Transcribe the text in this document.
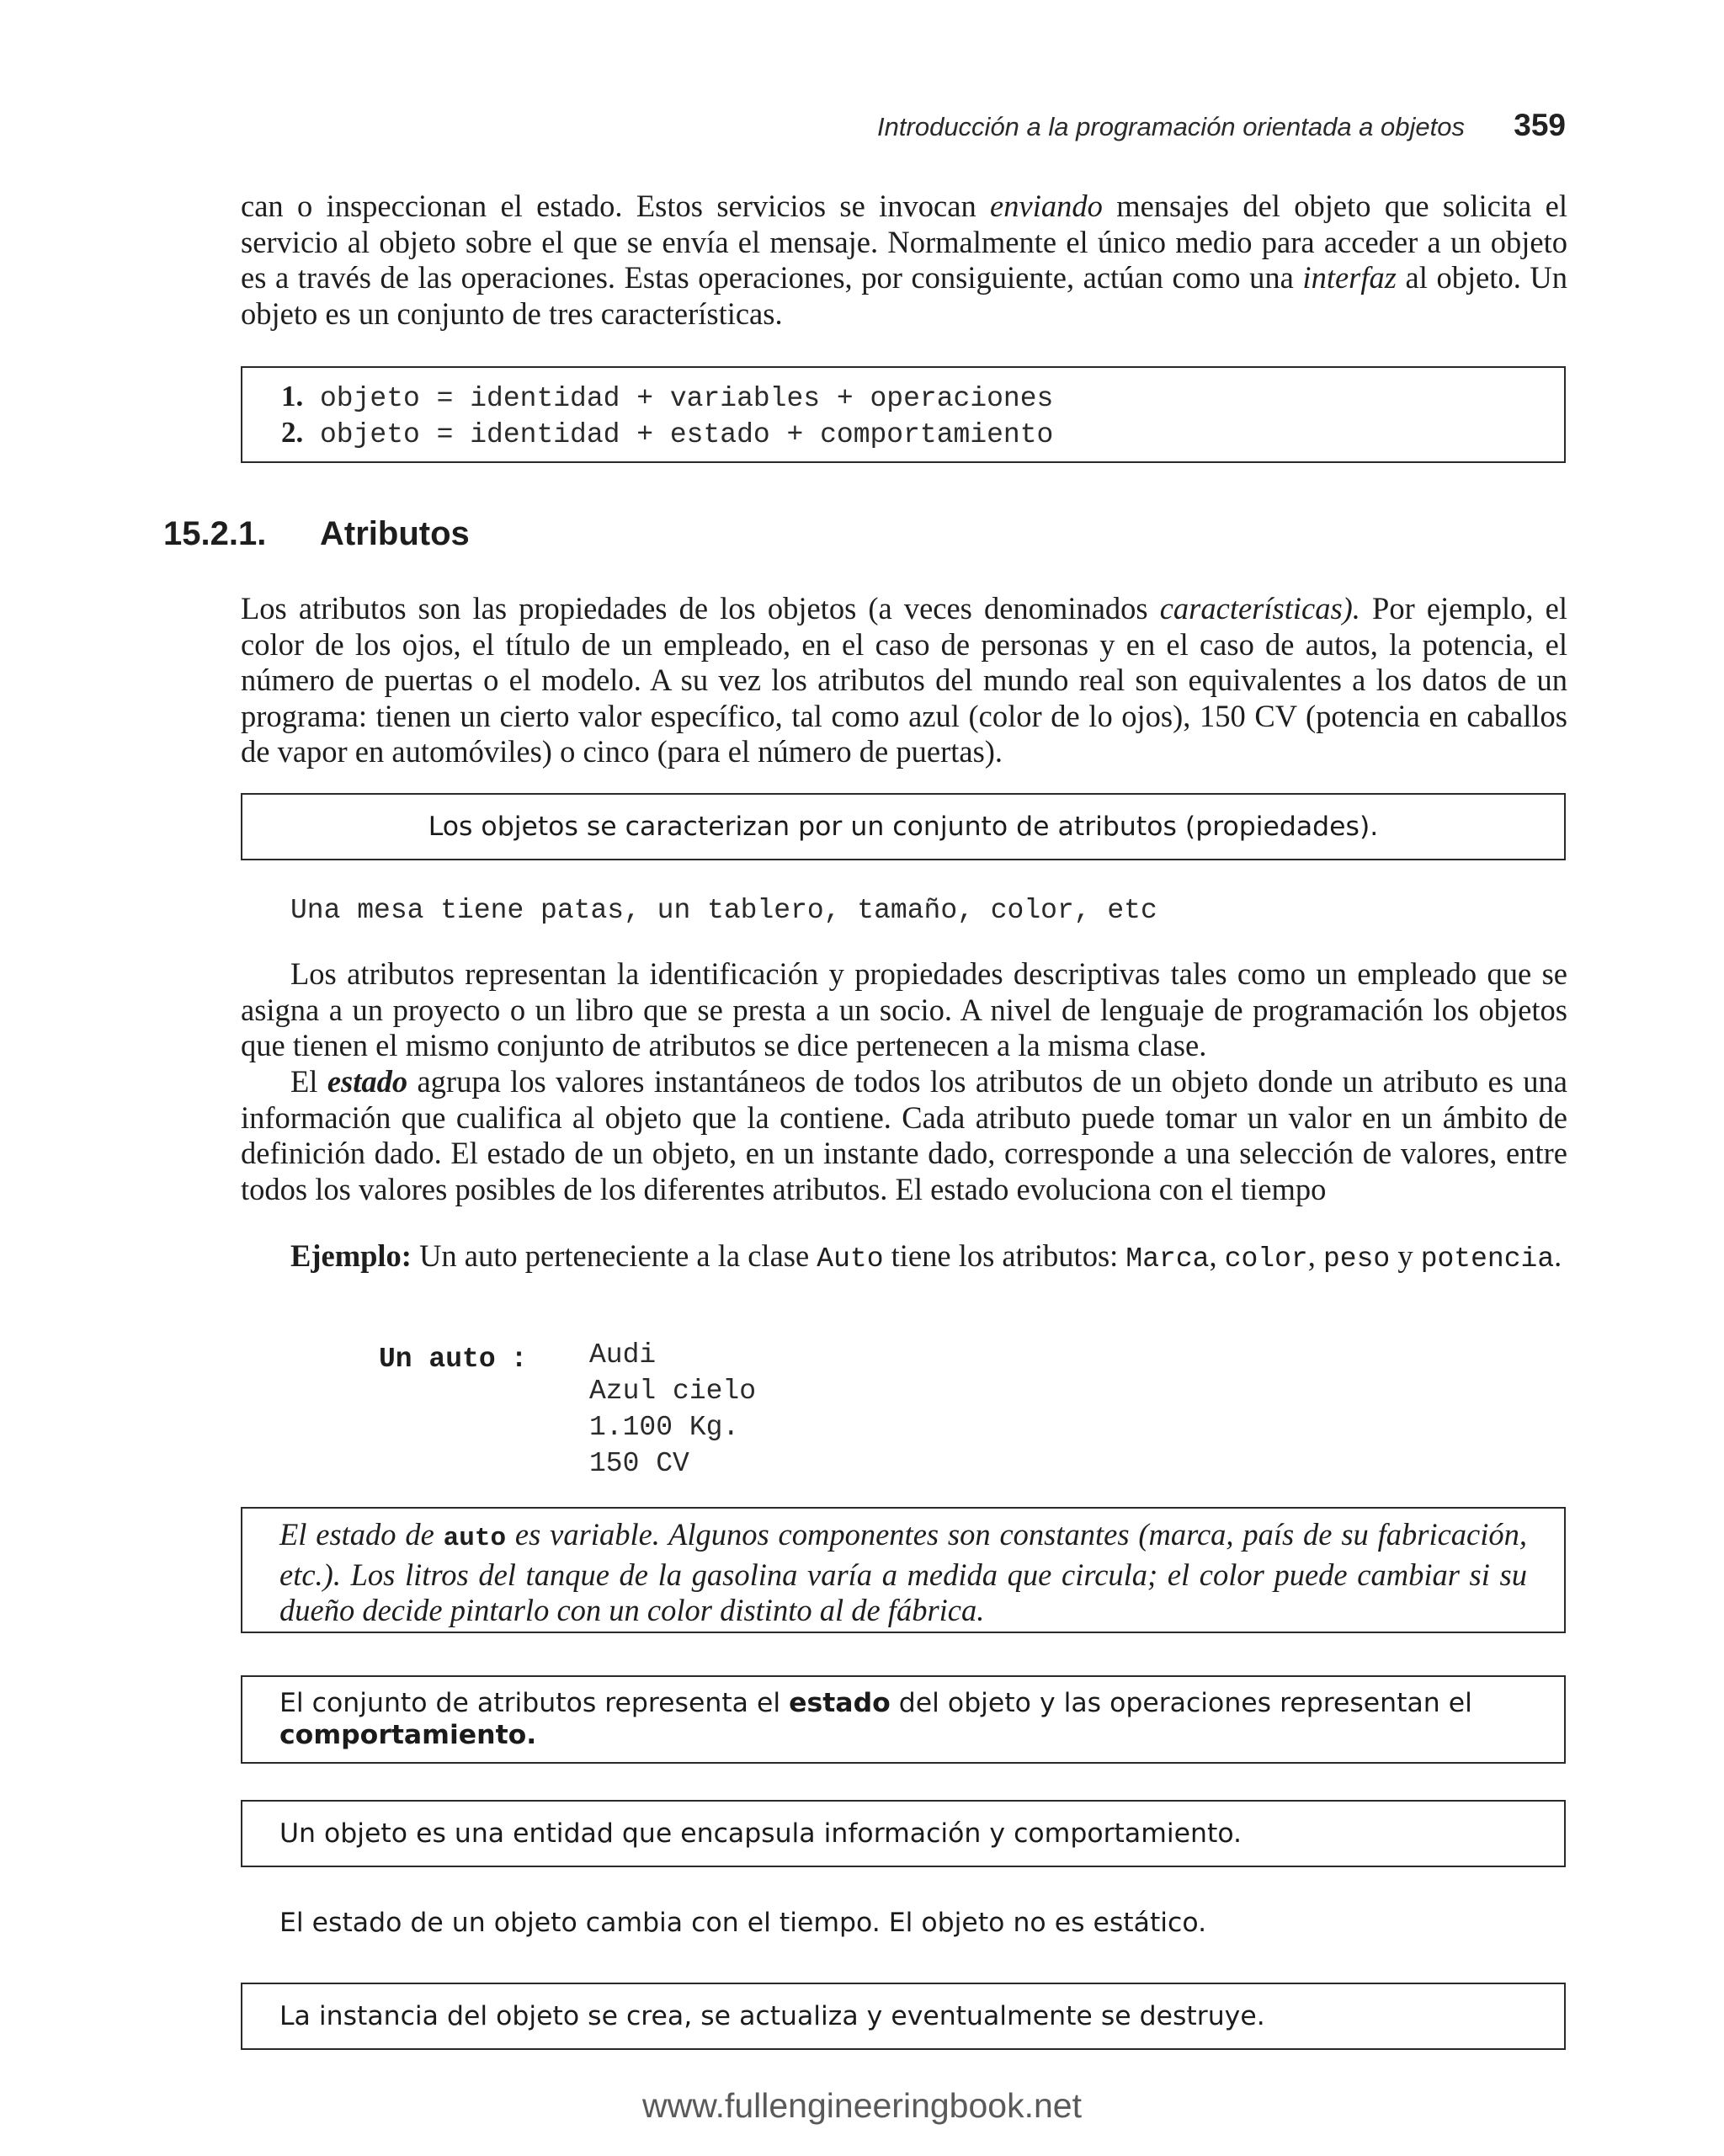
Introducción a la programación orientada a objetos 359

can o inspeccionan el estado. Estos servicios se invocan enviando mensajes del objeto que solicita el servicio al objeto sobre el que se envía el mensaje. Normalmente el único medio para acceder a un objeto es a través de las operaciones. Estas operaciones, por consiguiente, actúan como una interfaz al objeto. Un objeto es un conjunto de tres características.

1. objeto = identidad + variables + operaciones
2. objeto = identidad + estado + comportamiento
15.2.1. Atributos

Los atributos son las propiedades de los objetos (a veces denominados características). Por ejemplo, el color de los ojos, el título de un empleado, en el caso de personas y en el caso de autos, la potencia, el número de puertas o el modelo. A su vez los atributos del mundo real son equivalentes a los datos de un programa: tienen un cierto valor específico, tal como azul (color de lo ojos), 150 CV (potencia en caballos de vapor en automóviles) o cinco (para el número de puertas).

Los objetos se caracterizan por un conjunto de atributos (propiedades).
Una mesa tiene patas, un tablero, tamaño, color, etc

Los atributos representan la identificación y propiedades descriptivas tales como un empleado que se asigna a un proyecto o un libro que se presta a un socio. A nivel de lenguaje de programación los objetos que tienen el mismo conjunto de atributos se dice pertenecen a la misma clase.

El estado agrupa los valores instantáneos de todos los atributos de un objeto donde un atributo es una información que cualifica al objeto que la contiene. Cada atributo puede tomar un valor en un ámbito de definición dado. El estado de un objeto, en un instante dado, corresponde a una selección de valores, entre todos los valores posibles de los diferentes atributos. El estado evoluciona con el tiempo

Ejemplo: Un auto perteneciente a la clase Auto tiene los atributos: Marca, color, peso y potencia.

Un auto : Audi
Azul cielo
1.100 Kg.
150 CV

El estado de auto es variable. Algunos componentes son constantes (marca, país de su fabricación, etc.). Los litros del tanque de la gasolina varía a medida que circula; el color puede cambiar si su dueño decide pintarlo con un color distinto al de fábrica.

El conjunto de atributos representa el estado del objeto y las operaciones representan el comportamiento.
Un objeto es una entidad que encapsula información y comportamiento.
El estado de un objeto cambia con el tiempo. El objeto no es estático.
La instancia del objeto se crea, se actualiza y eventualmente se destruye.
www.fullengineeringbook.net
